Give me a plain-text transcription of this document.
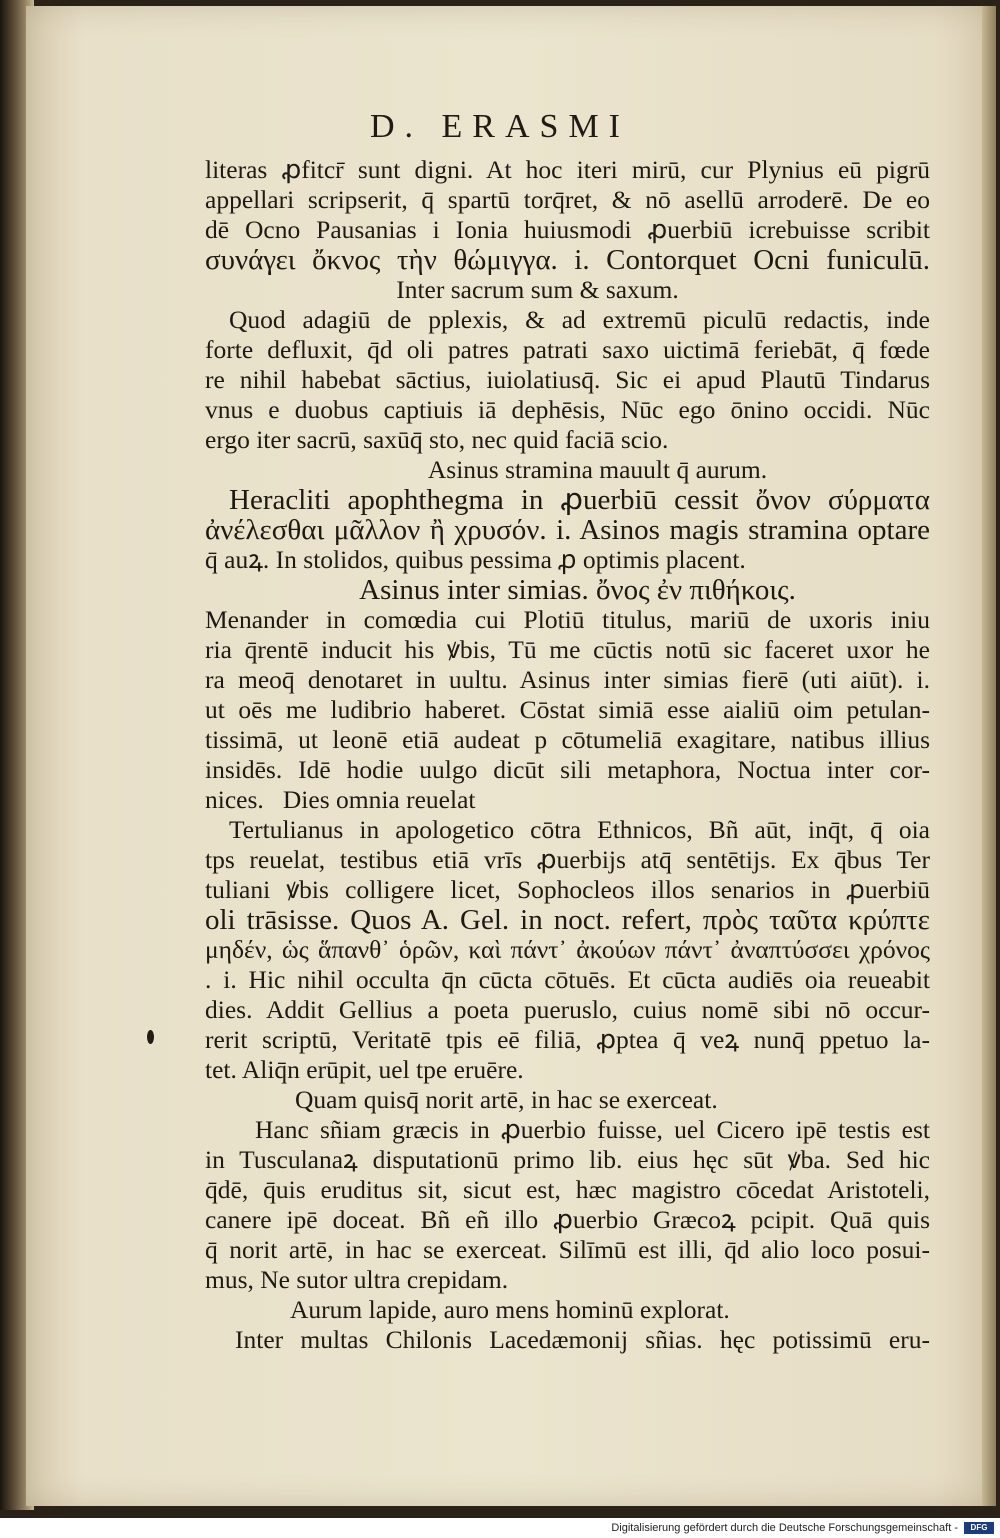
D. ERASMI
literas ꝓfitcr̄ sunt digni. At hoc iteri mirū, cur Plynius eū pigrū
appellari scripserit, q̄ spartū torq̄ret, & nō asellū arroderē. De eo
dē Ocno Pausanias i Ionia huiusmodi ꝓuerbiū icrebuisse scribit
συνάγει ὄκνος τὴν θώμιγγα. i. Contorquet Ocni funiculū.
Inter sacrum sum & saxum.
Quod adagiū de pplexis, & ad extremū piculū redactis, inde
forte defluxit, q̄d oli patres patrati saxo uictimā feriebāt, q̄ fœde
re nihil habebat sāctius, iuiolatiusq̄. Sic ei apud Plautū Tindarus
vnus e duobus captiuis iā dephēsis, Nūc ego ōnino occidi. Nūc
ergo iter sacrū, saxūq̄ sto, nec quid faciā scio.
Asinus stramina mauult q̄ aurum.
Heracliti apophthegma in ꝓuerbiū cessit ὄνον σύρματα
ἀνέλεσθαι μᾶλλον ἢ χρυσόν. i. Asinos magis stramina optare
q̄ auꝝ. In stolidos, quibus pessima ꝓ optimis placent.
Asinus inter simias. ὄνος ἐν πιθήκοις.
Menander in comœdia cui Plotiū titulus, mariū de uxoris iniu
ria q̄rentē inducit his ꝟbis, Tū me cūctis notū sic faceret uxor he
ra meoq̄ denotaret in uultu. Asinus inter simias fierē (uti aiūt). i.
ut oēs me ludibrio haberet. Cōstat simiā esse aialiū oim petulan-
tissimā, ut leonē etiā audeat p cōtumeliā exagitare, natibus illius
insidēs. Idē hodie uulgo dicūt sili metaphora, Noctua inter cor-
nices.   Dies omnia reuelat
Tertulianus in apologetico cōtra Ethnicos, Bñ aūt, inq̄t, q̄ oia
tps reuelat, testibus etiā vrīs ꝓuerbijs atq̄ sentētijs. Ex q̄bus Ter
tuliani ꝟbis colligere licet, Sophocleos illos senarios in ꝓuerbiū
oli trāsisse. Quos A. Gel. in noct. refert, πρὸς ταῦτα κρύπτε
μηδέν, ὡς ἅπανθ᾽ ὁρῶν, καὶ πάντ᾽ ἀκούων πάντ᾽ ἀναπτύσσει χρόνος
. i. Hic nihil occulta q̄n cūcta cōtuēs. Et cūcta audiēs oia reueabit
dies. Addit Gellius a poeta pueruslo, cuius nomē sibi nō occur-
rerit scriptū, Veritatē tpis eē filiā, ꝓptea q̄ veꝝ nunq̄ ppetuo la-
tet. Aliq̄n erūpit, uel tpe eruēre.
Quam quisq̄ norit artē, in hac se exerceat.
Hanc sñiam græcis in ꝓuerbio fuisse, uel Cicero ipē testis est
in Tusculanaꝝ disputationū primo lib. eius hęc sūt ꝟba. Sed hic
q̄dē, q̄uis eruditus sit, sicut est, hæc magistro cōcedat Aristoteli,
canere ipē doceat. Bñ eñ illo ꝓuerbio Græcoꝝ pcipit. Quā quis
q̄ norit artē, in hac se exerceat. Silīmū est illi, q̄d alio loco posui-
mus, Ne sutor ultra crepidam.
Aurum lapide, auro mens hominū explorat.
Inter multas Chilonis Lacedæmonij sñias. hęc potissimū eru-
Digitalisierung gefördert durch die Deutsche Forschungsgemeinschaft -	DFG
